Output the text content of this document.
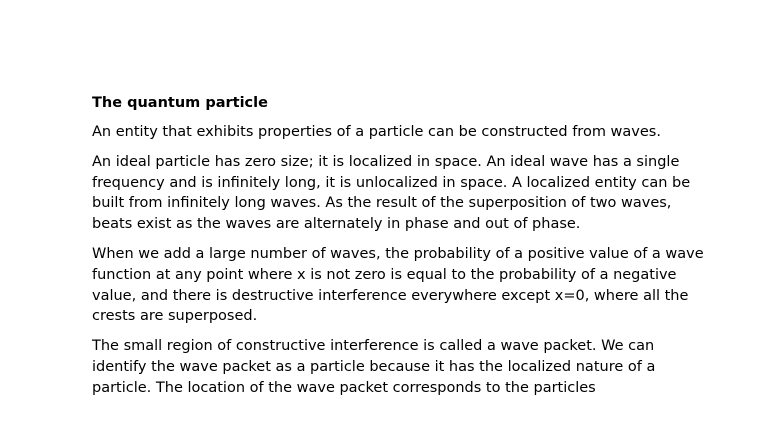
The quantum particle

An entity that exhibits properties of a particle can be constructed from waves.

An ideal particle has zero size; it is localized in space. An ideal wave has a single frequency and is infinitely long, it is unlocalized in space. A localized entity can be built from infinitely long waves. As the result of the superposition of two waves, beats exist as the waves are alternately in phase and out of phase.

When we add a large number of waves, the probability of a positive value of a wave function at any point where x is not zero is equal to the probability of a negative value, and there is destructive interference everywhere except x=0, where all the crests are superposed.

The small region of constructive interference is called a wave packet. We can identify the wave packet as a particle because it has the localized nature of a particle. The location of the wave packet corresponds to the particles
